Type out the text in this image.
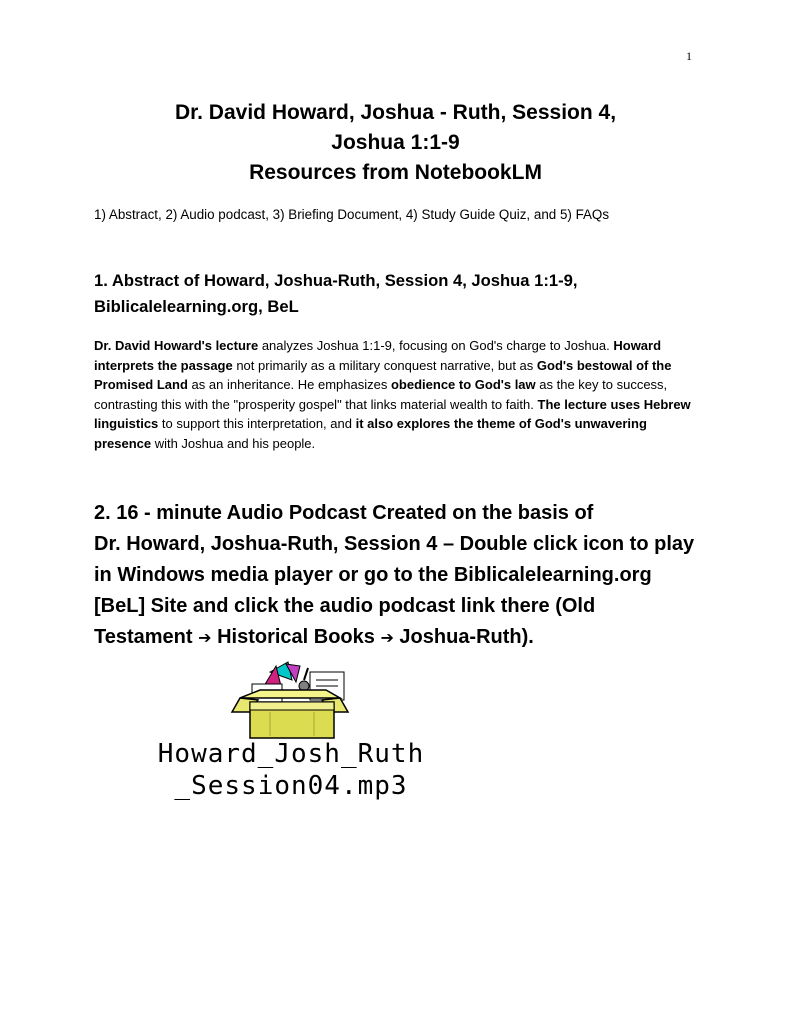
1
Dr. David Howard, Joshua - Ruth, Session 4,
Joshua 1:1-9
Resources from NotebookLM
1) Abstract, 2) Audio podcast, 3) Briefing Document, 4) Study Guide Quiz, and 5) FAQs
1. Abstract of Howard, Joshua-Ruth, Session 4, Joshua 1:1-9,
Biblicalelearning.org, BeL
Dr. David Howard's lecture analyzes Joshua 1:1-9, focusing on God's charge to Joshua. Howard interprets the passage not primarily as a military conquest narrative, but as God's bestowal of the Promised Land as an inheritance. He emphasizes obedience to God's law as the key to success, contrasting this with the "prosperity gospel" that links material wealth to faith. The lecture uses Hebrew linguistics to support this interpretation, and it also explores the theme of God's unwavering presence with Joshua and his people.
2. 16 - minute Audio Podcast Created on the basis of
Dr. Howard, Joshua-Ruth, Session 4 – Double click icon to play
in Windows media player or go to the Biblicalelearning.org
[BeL] Site and click the audio podcast link there (Old
Testament ➔ Historical Books ➔ Joshua-Ruth).
Howard_Josh_Ruth
_Session04.mp3
